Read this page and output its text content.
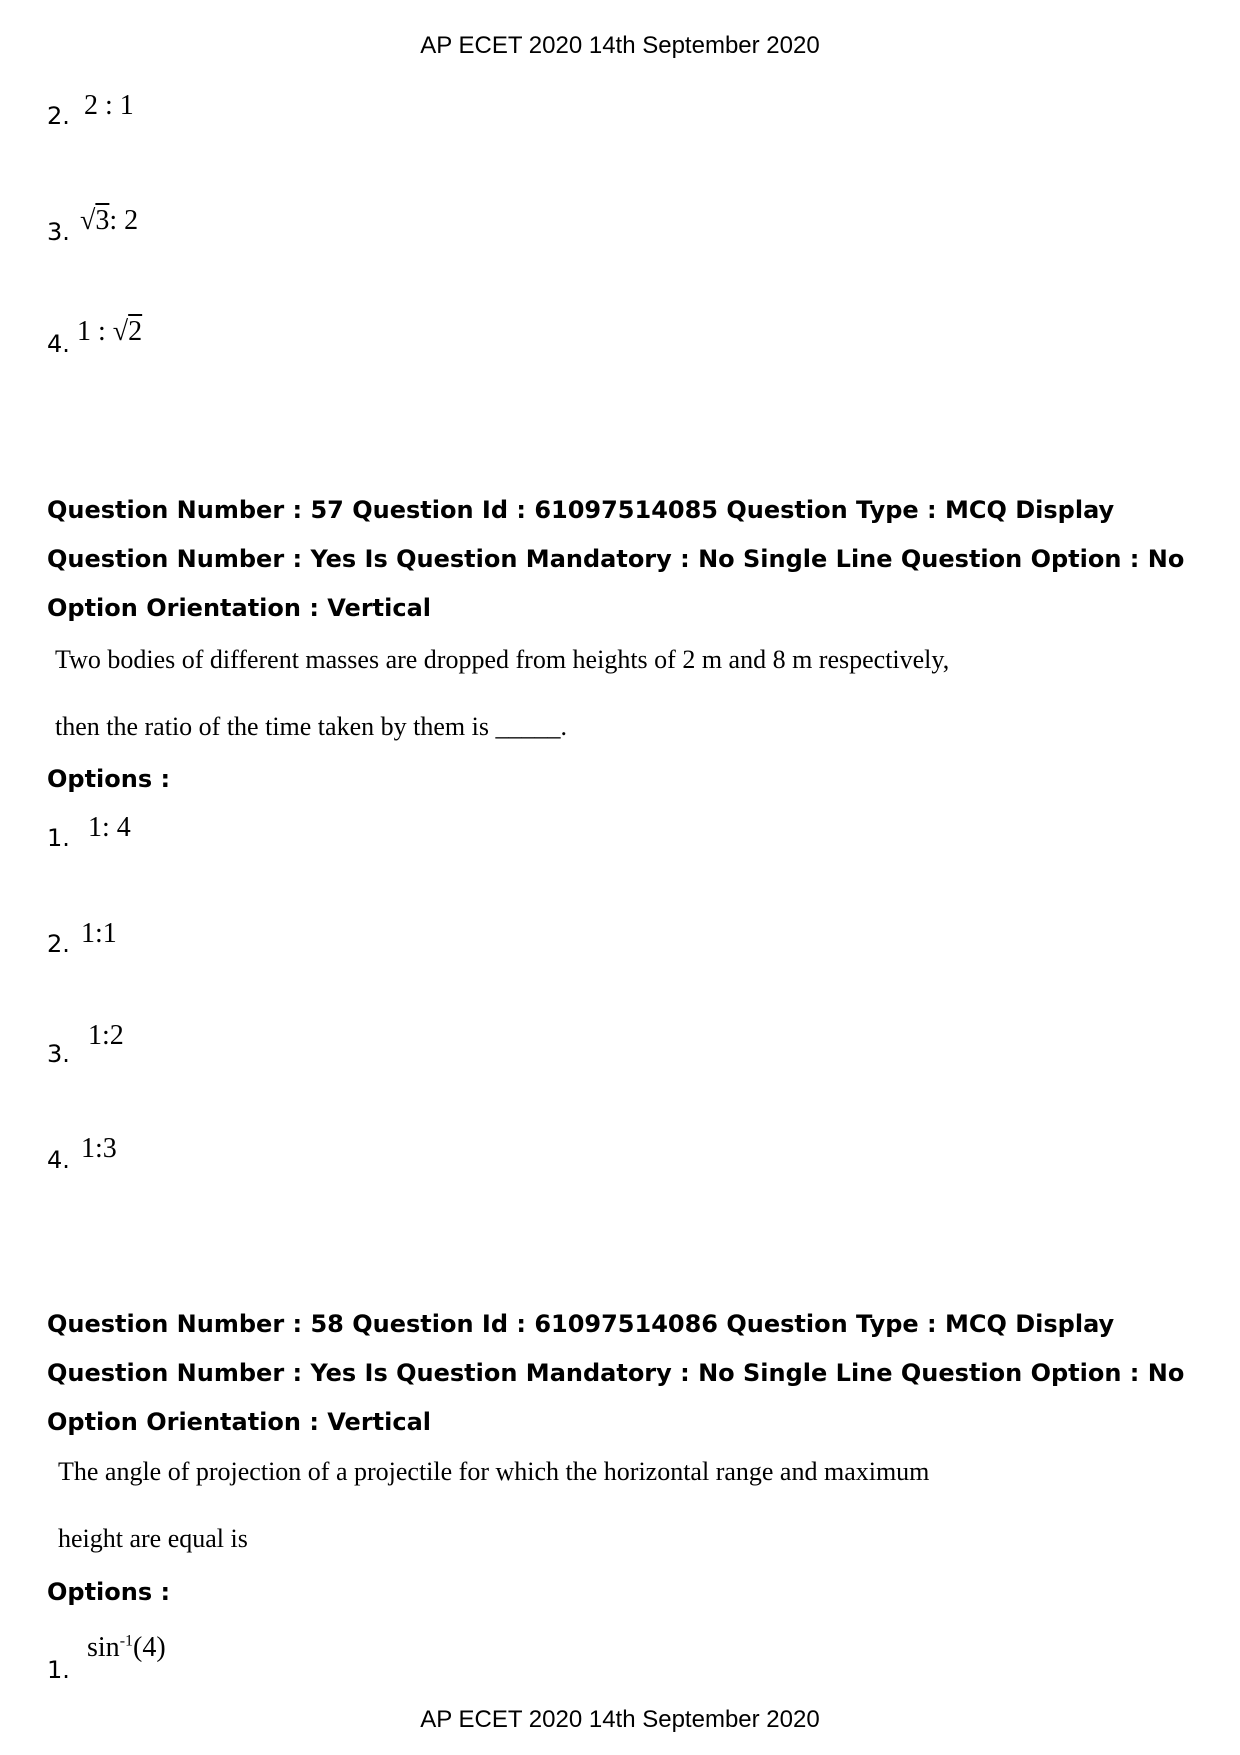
AP ECET 2020 14th September 2020
2. 2 : 1
3. √3: 2
4. 1 : √2

Question Number : 57 Question Id : 61097514085 Question Type : MCQ Display Question Number : Yes Is Question Mandatory : No Single Line Question Option : No Option Orientation : Vertical

Two bodies of different masses are dropped from heights of 2 m and 8 m respectively,
then the ratio of the time taken by them is _____.
Options :
1. 1: 4
2. 1:1
3.
1:2
4. 1:3

Question Number : 58 Question Id : 61097514086 Question Type : MCQ Display Question Number : Yes Is Question Mandatory : No Single Line Question Option : No Option Orientation : Vertical

The angle of projection of a projectile for which the horizontal range and maximum
height are equal is
Options :
1.
$\sin^{-1}(4)$
AP ECET 2020 14th September 2020
